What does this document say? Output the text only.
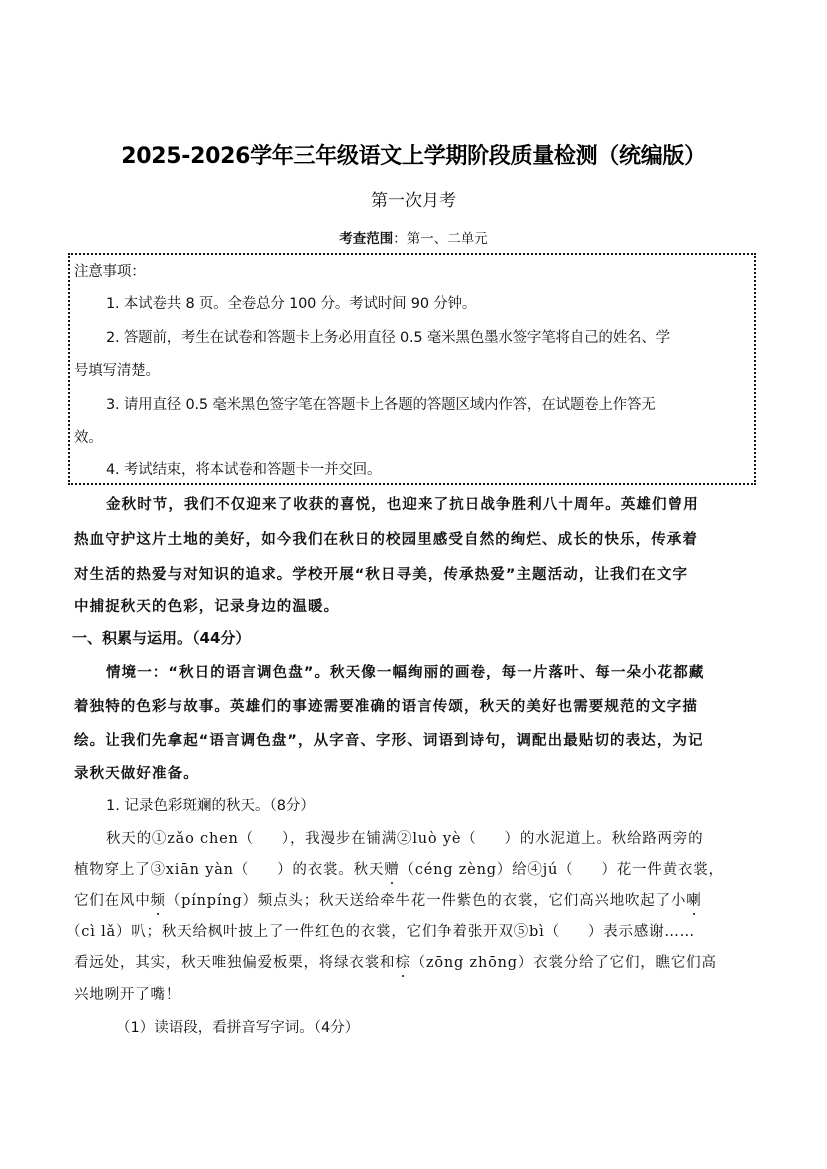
2025-2026学年三年级语文上学期阶段质量检测（统编版）
第一次月考
考查范围：第一、二单元
注意事项：
1. 本试卷共 8 页。全卷总分 100 分。考试时间 90 分钟。
2. 答题前，考生在试卷和答题卡上务必用直径 0.5 毫米黑色墨水签字笔将自己的姓名、学
号填写清楚。
3. 请用直径 0.5 毫米黑色签字笔在答题卡上各题的答题区域内作答，在试题卷上作答无
效。
4. 考试结束，将本试卷和答题卡一并交回。
金秋时节，我们不仅迎来了收获的喜悦，也迎来了抗日战争胜利八十周年。英雄们曾用
热血守护这片土地的美好，如今我们在秋日的校园里感受自然的绚烂、成长的快乐，传承着
对生活的热爱与对知识的追求。学校开展“秋日寻美，传承热爱”主题活动，让我们在文字
中捕捉秋天的色彩，记录身边的温暖。
一、积累与运用。（44分）
情境一：“秋日的语言调色盘”。秋天像一幅绚丽的画卷，每一片落叶、每一朵小花都藏
着独特的色彩与故事。英雄们的事迹需要准确的语言传颂，秋天的美好也需要规范的文字描
绘。让我们先拿起“语言调色盘”，从字音、字形、词语到诗句，调配出最贴切的表达，为记
录秋天做好准备。
1. 记录色彩斑斓的秋天。（8分）
秋天的①zǎo chen（ ），我漫步在铺满②luò yè（ ）的水泥道上。秋给路两旁的
植物穿上了③xiān yàn（ ）的衣裳。秋天赠（céng zèng）给④jú（ ）花一件黄衣裳，
它们在风中频（pínpíng）频点头；秋天送给牵牛花一件紫色的衣裳，它们高兴地吹起了小喇
（cì lǎ）叭；秋天给枫叶披上了一件红色的衣裳，它们争着张开双⑤bì（ ）表示感谢……
看远处，其实，秋天唯独偏爱板栗，将绿衣裳和棕（zōng zhōng）衣裳分给了它们，瞧它们高
兴地咧开了嘴！
（1）读语段，看拼音写字词。（4分）
